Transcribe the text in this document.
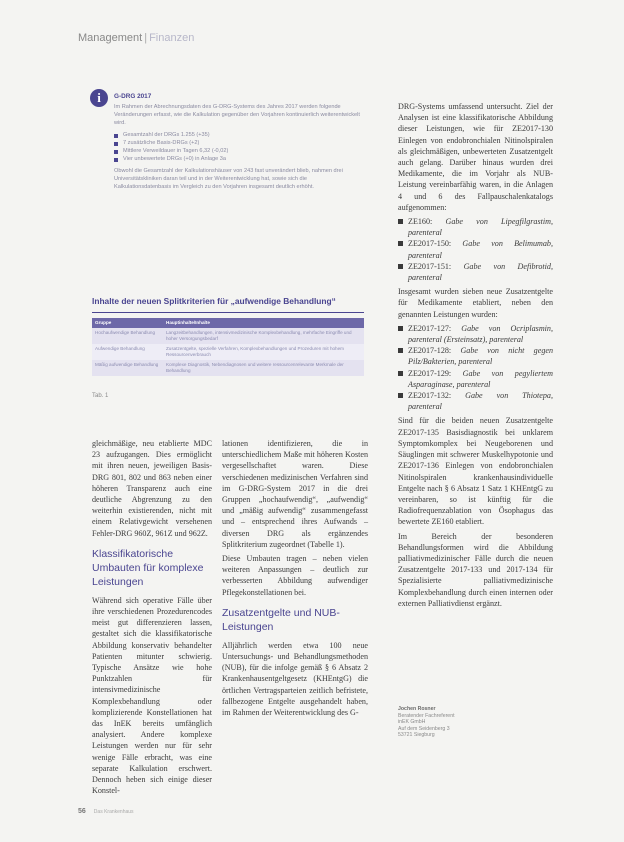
Management | Finanzen
i	G-DRG 2017
Im Rahmen der Abrechnungsdaten des G-DRG-Systems des Jahres 2017 werden folgende Veränderungen erfasst, wie die Kalkulation gegenüber den Vorjahren kontinuierlich weiterentwickelt wird.
Gesamtzahl der DRGs 1.255 (+35)
7 zusätzliche Basis-DRGs (+2)
Mittlere Verweildauer in Tagen 6,32 (-0,02)
Vier unbewertete DRGs (+0) in Anlage 3a
Obwohl die Gesamtzahl der Kalkulationshäuser von 243 fast unverändert blieb, nahmen drei Universitätskliniken daran teil und in der Weiterentwicklung hat, sowie sich die Kalkulationsdatenbasis im Vergleich zu den Vorjahren insgesamt deutlich erhöht.
Inhalte der neuen Splitkriterien für „aufwendige Behandlung“
Gruppe	Hauptinhalte/Inhalte
Hochaufwendige Behandlung	Langzeitbehandlungen, intensivmedizinische Komplexbehandlung, mehrfache Eingriffe und hoher Versorgungsbedarf
Aufwendige Behandlung	Zusatzentgelte, spezielle Verfahren, Komplexbehandlungen und Prozeduren mit hohem Ressourcenverbrauch
Mäßig aufwendige Behandlung	Komplexe Diagnostik, Nebendiagnosen und weitere ressourcenrelevante Merkmale der Behandlung
Tab. 1

gleichmäßige, neu etablierte MDC 23 aufzugangen. Dies ermöglicht mit ihren neuen, jeweiligen Basis-DRG 801, 802 und 863 neben einer höheren Transparenz auch eine deutliche Abgrenzung zu den weiterhin existierenden, nicht mit einem Relativgewicht versehenen Fehler-DRG 960Z, 961Z und 962Z.

Klassifikatorische Umbauten für komplexe Leistungen

Während sich operative Fälle über ihre verschiedenen Prozedurencodes meist gut differenzieren lassen, gestaltet sich die klassifikatorische Abbildung konservativ behandelter Patienten mitunter schwierig. Typische Ansätze wie hohe Punktzahlen für intensivmedizinische Komplexbehandlung oder komplizierende Konstellationen hat das InEK bereits umfänglich analysiert. Andere komplexe Leistungen werden nur für sehr wenige Fälle erbracht, was eine separate Kalkulation erschwert. Dennoch heben sich einige dieser Konstel-

lationen identifizieren, die in unterschiedlichem Maße mit höheren Kosten vergesellschaftet waren. Diese verschiedenen medizinischen Verfahren sind im G-DRG-System 2017 in die drei Gruppen „hochaufwendig“, „aufwendig“ und „mäßig aufwendig“ zusammengefasst und – entsprechend ihres Aufwands – diversen DRG als ergänzendes Splitkriterium zugeordnet (Tabelle 1).

Diese Umbauten tragen – neben vielen weiteren Anpassungen – deutlich zur verbesserten Abbildung aufwendiger Pflegekonstellationen bei.

Zusatzentgelte und NUB-Leistungen

Alljährlich werden etwa 100 neue Untersuchungs- und Behandlungsmethoden (NUB), für die infolge gemäß § 6 Absatz 2 Krankenhausentgeltgesetz (KHEntgG) die örtlichen Vertragsparteien zeitlich befristete, fallbezogene Entgelte ausgehandelt haben, im Rahmen der Weiterentwicklung des G-

DRG-Systems umfassend untersucht. Ziel der Analysen ist eine klassifikatorische Abbildung dieser Leistungen, wie für ZE2017-130 Einlegen von endobronchialen Nitinolspiralen als gleichmäßigen, unbewerteten Zusatzentgelt auch gelang. Darüber hinaus wurden drei Medikamente, die im Vorjahr als NUB-Leistung vereinbarfähig waren, in die Anlagen 4 und 6 des Fallpauschalenkatalogs aufgenommen:

ZE160: Gabe von Lipegfilgrastim, parenteral
ZE2017-150: Gabe von Belimumab, parenteral
ZE2017-151: Gabe von Defibrotid, parenteral

Insgesamt wurden sieben neue Zusatzentgelte für Medikamente etabliert, neben den genannten Leistungen wurden:

ZE2017-127: Gabe von Ocriplasmin, parenteral (Ersteinsatz), parenteral
ZE2017-128: Gabe von nicht gegen Pilz/Bakterien, parenteral
ZE2017-129: Gabe von pegyliertem Asparaginase, parenteral
ZE2017-132: Gabe von Thiotepa, parenteral

Sind für die beiden neuen Zusatzentgelte ZE2017-135 Basisdiagnostik bei unklarem Symptomkomplex bei Neugeborenen und Säuglingen mit schwerer Muskelhypotonie und ZE2017-136 Einlegen von endobronchialen Nitinolspiralen krankenhausindividuelle Entgelte nach § 6 Absatz 1 Satz 1 KHEntgG zu vereinbaren, so ist künftig für die Radiofrequenzablation von Ösophagus das bewertete ZE160 etabliert.

Im Bereich der besonderen Behandlungsformen wird die Abbildung palliativmedizinischer Fälle durch die neuen Zusatzentgelte 2017-133 und 2017-134 für Spezialisierte palliativmedizinische Komplexbehandlung durch einen internen oder externen Palliativdienst ergänzt.

Jochen Rosner
Beratender Fachreferent
inEK GmbH
Auf dem Seidenberg 3
53721 Siegburg
56 Das Krankenhaus
